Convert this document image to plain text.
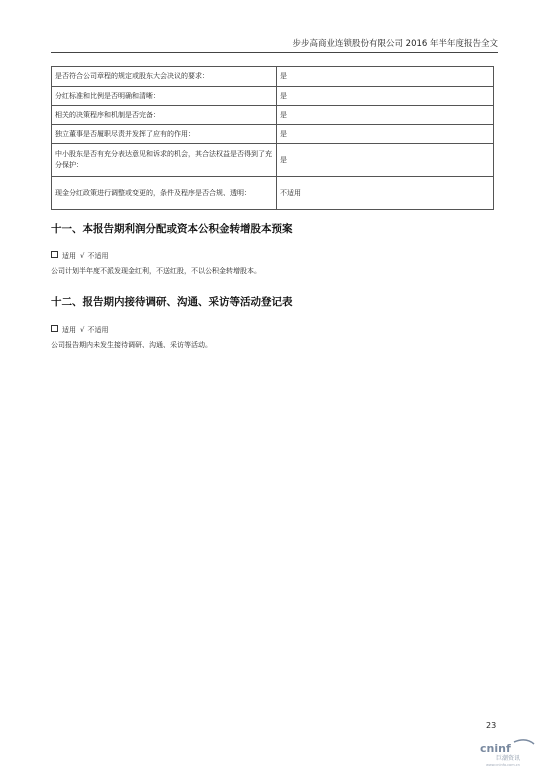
步步高商业连锁股份有限公司 2016 年半年度报告全文
是否符合公司章程的规定或股东大会决议的要求：	是
分红标准和比例是否明确和清晰：	是
相关的决策程序和机制是否完备：	是
独立董事是否履职尽责并发挥了应有的作用：	是
中小股东是否有充分表达意见和诉求的机会，其合法权益是否得到了充分保护：	是
现金分红政策进行调整或变更的，条件及程序是否合规、透明：	不适用
十一、本报告期利润分配或资本公积金转增股本预案
适用 √ 不适用
公司计划半年度不派发现金红利，不送红股，不以公积金转增股本。
十二、报告期内接待调研、沟通、采访等活动登记表
适用 √ 不适用
公司报告期内未发生接待调研、沟通、采访等活动。
23
cninf
巨潮资讯
www.cninfo.com.cn
